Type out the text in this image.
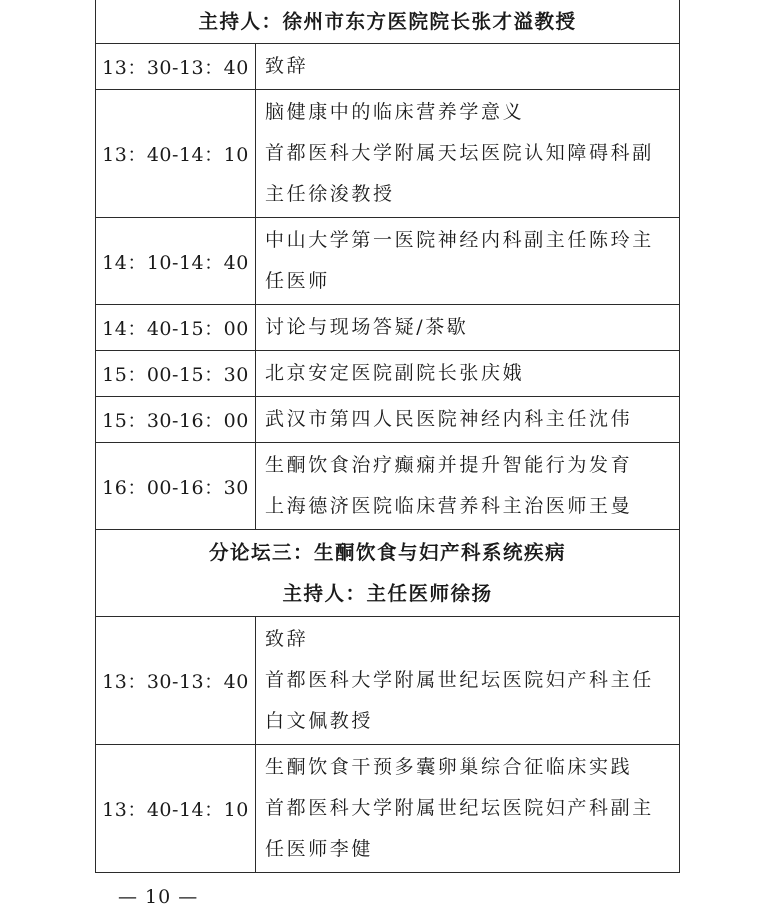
主持人：徐州市东方医院院长张才溢教授	

13：30-13：40	致辞

13：40-14：10	脑健康中的临床营养学意义
首都医科大学附属天坛医院认知障碍科副
主任徐浚教授

14：10-14：40	中山大学第一医院神经内科副主任陈玲主
任医师

14：40-15：00	讨论与现场答疑/茶歇

15：00-15：30	北京安定医院副院长张庆娥

15：30-16：00	武汉市第四人民医院神经内科主任沈伟

16：00-16：30	生酮饮食治疗癫痫并提升智能行为发育
上海德济医院临床营养科主治医师王曼

分论坛三：生酮饮食与妇产科系统疾病
主持人：主任医师徐扬	

13：30-13：40	致辞
首都医科大学附属世纪坛医院妇产科主任
白文佩教授

13：40-14：10	生酮饮食干预多囊卵巢综合征临床实践
首都医科大学附属世纪坛医院妇产科副主
任医师李健
— 10 —
